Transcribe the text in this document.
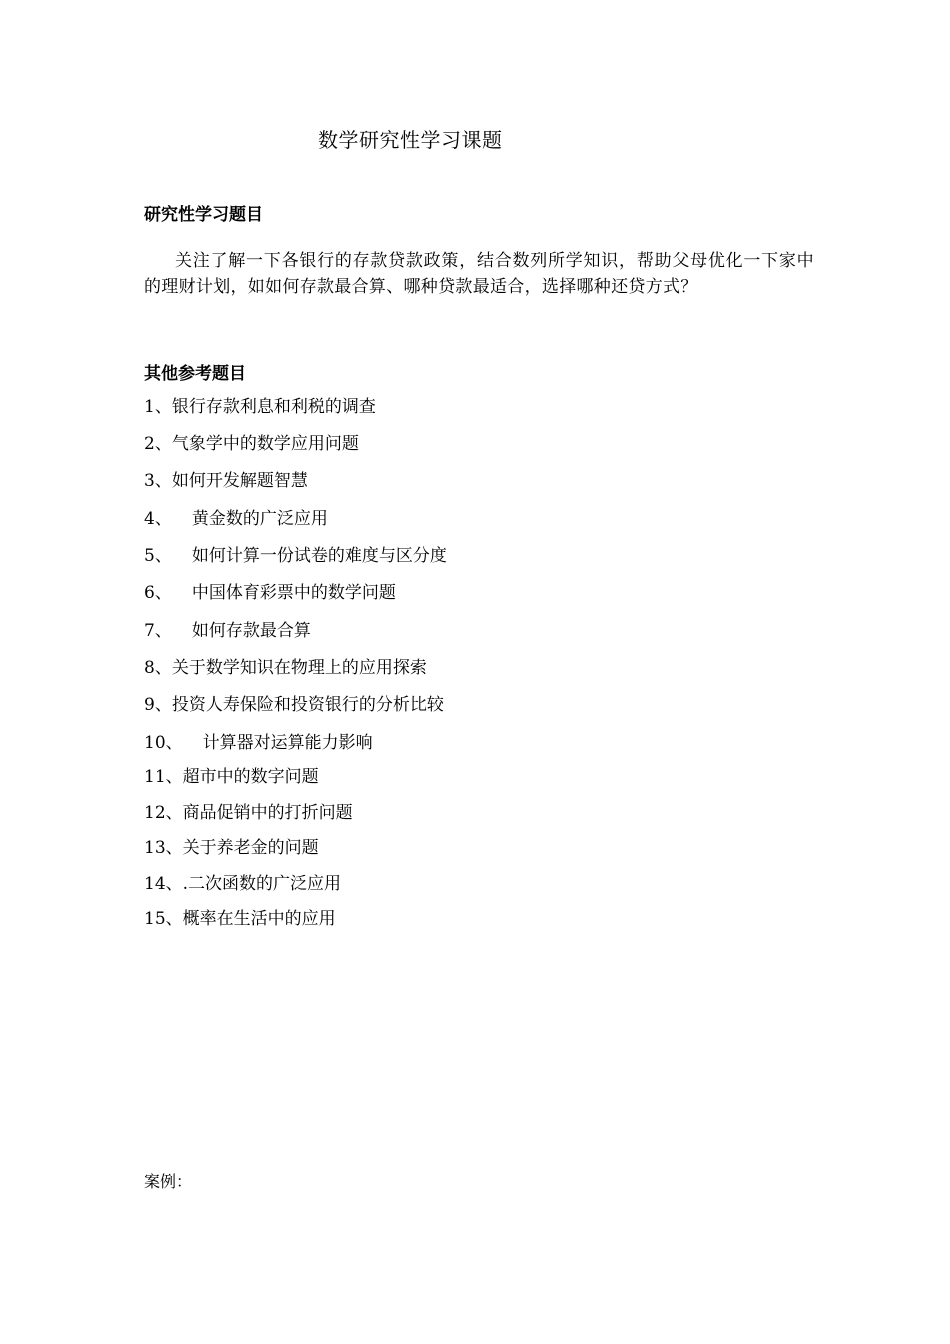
数学研究性学习课题
研究性学习题目
关注了解一下各银行的存款贷款政策，结合数列所学知识，帮助父母优化一下家中的理财计划，如如何存款最合算、哪种贷款最适合，选择哪种还贷方式？
其他参考题目
1、银行存款利息和利税的调查
2、气象学中的数学应用问题
3、如何开发解题智慧
4、 黄金数的广泛应用
5、 如何计算一份试卷的难度与区分度
6、 中国体育彩票中的数学问题
7、 如何存款最合算
8、关于数学知识在物理上的应用探索
9、投资人寿保险和投资银行的分析比较
10、 计算器对运算能力影响
11、超市中的数字问题
12、商品促销中的打折问题
13、关于养老金的问题
14、.二次函数的广泛应用
15、概率在生活中的应用
案例：
